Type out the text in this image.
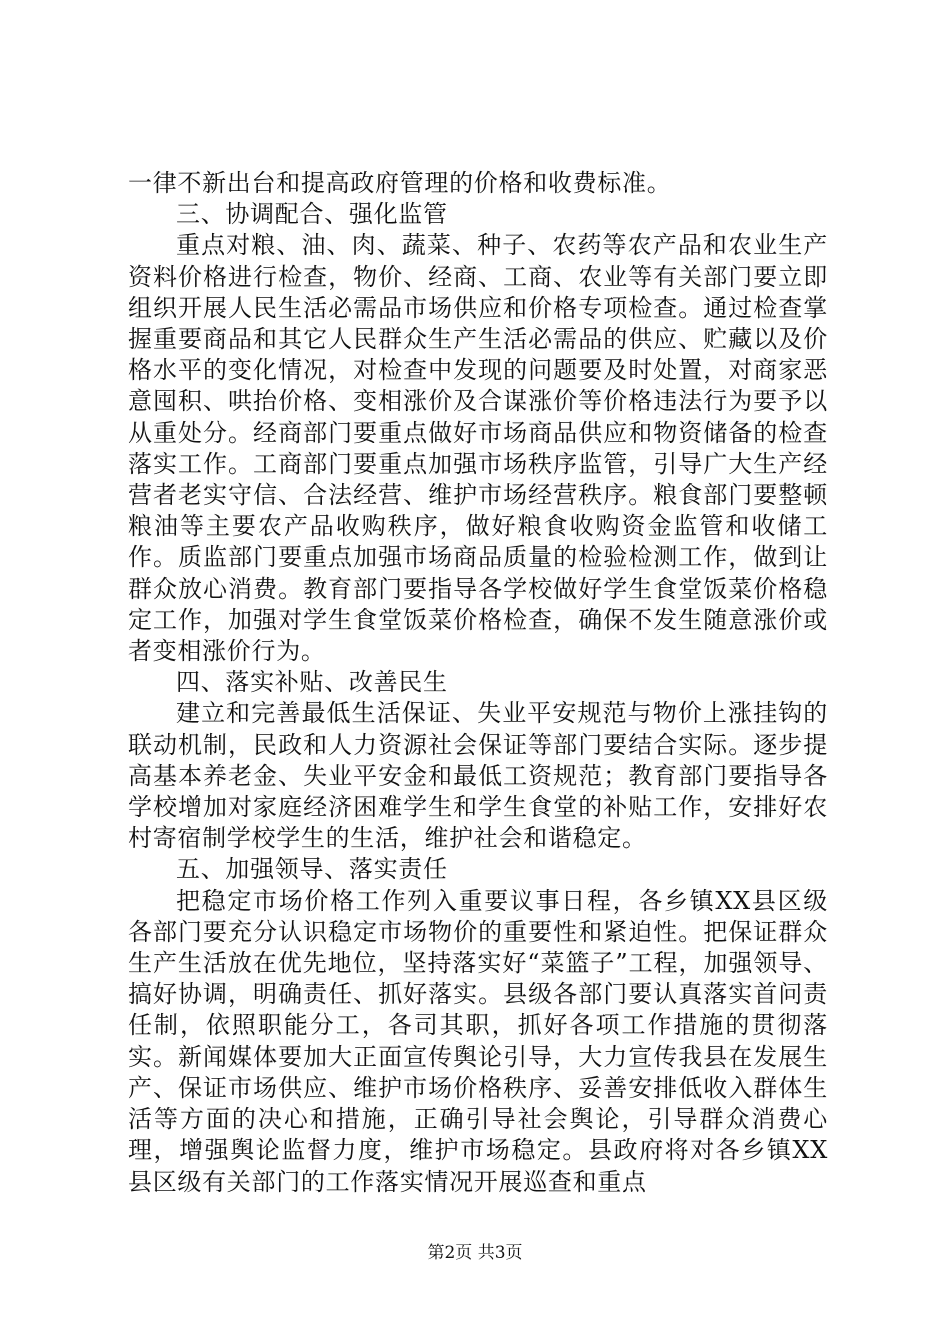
一律不新出台和提高政府管理的价格和收费标准。

三、协调配合、强化监管

重点对粮、油、肉、蔬菜、种子、农药等农产品和农业生产资料价格进行检查，物价、经商、工商、农业等有关部门要立即组织开展人民生活必需品市场供应和价格专项检查。通过检查掌握重要商品和其它人民群众生产生活必需品的供应、贮藏以及价格水平的变化情况，对检查中发现的问题要及时处置，对商家恶意囤积、哄抬价格、变相涨价及合谋涨价等价格违法行为要予以从重处分。经商部门要重点做好市场商品供应和物资储备的检查落实工作。工商部门要重点加强市场秩序监管，引导广大生产经营者老实守信、合法经营、维护市场经营秩序。粮食部门要整顿粮油等主要农产品收购秩序，做好粮食收购资金监管和收储工作。质监部门要重点加强市场商品质量的检验检测工作，做到让群众放心消费。教育部门要指导各学校做好学生食堂饭菜价格稳定工作，加强对学生食堂饭菜价格检查，确保不发生随意涨价或者变相涨价行为。

四、落实补贴、改善民生

建立和完善最低生活保证、失业平安规范与物价上涨挂钩的联动机制，民政和人力资源社会保证等部门要结合实际。逐步提高基本养老金、失业平安金和最低工资规范；教育部门要指导各学校增加对家庭经济困难学生和学生食堂的补贴工作，安排好农村寄宿制学校学生的生活，维护社会和谐稳定。

五、加强领导、落实责任

把稳定市场价格工作列入重要议事日程，各乡镇XX县区级各部门要充分认识稳定市场物价的重要性和紧迫性。把保证群众生产生活放在优先地位，坚持落实好“菜篮子”工程，加强领导、搞好协调，明确责任、抓好落实。县级各部门要认真落实首问责任制，依照职能分工，各司其职，抓好各项工作措施的贯彻落实。新闻媒体要加大正面宣传舆论引导，大力宣传我县在发展生产、保证市场供应、维护市场价格秩序、妥善安排低收入群体生活等方面的决心和措施，正确引导社会舆论，引导群众消费心理，增强舆论监督力度，维护市场稳定。县政府将对各乡镇XX县区级有关部门的工作落实情况开展巡查和重点

第2页 共3页
